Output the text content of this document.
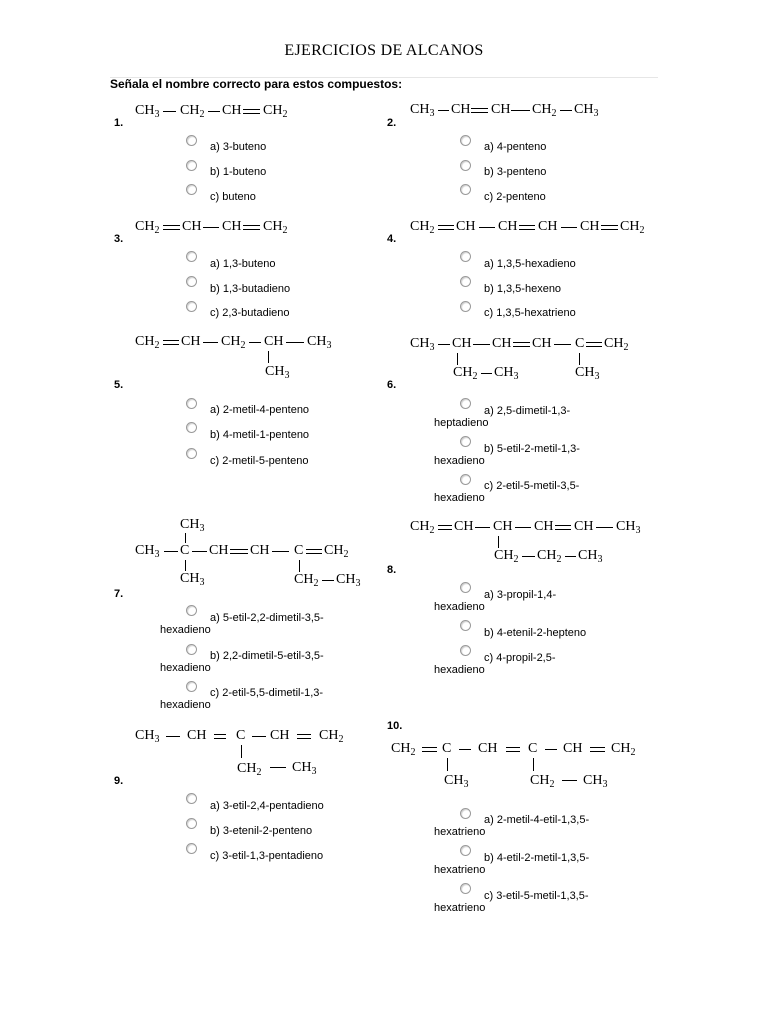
EJERCICIOS DE ALCANOS
Señala el nombre correcto para estos compuestos:
1.
$CH_3$ $CH_2$ CH $CH_2$
a) 3-buteno
b) 1-buteno
c) buteno
2.
$CH_3$ CH CH $CH_2$ $CH_3$
a) 4-penteno
b) 3-penteno
c) 2-penteno
3.
$CH_2$ CH CH $CH_2$
a) 1,3-buteno
b) 1,3-butadieno
c) 2,3-butadieno
4.
$CH_2$ CH CH CH CH $CH_2$
a) 1,3,5-hexadieno
b) 1,3,5-hexeno
c) 1,3,5-hexatrieno
5.
$CH_2$ CH $CH_2$ CH $CH_3$
$CH_3$
a) 2-metil-4-penteno
b) 4-metil-1-penteno
c) 2-metil-5-penteno
6.
$CH_3$ CH CH CH C $CH_2$
$CH_2$ $CH_3$	$CH_3$
a) 2,5-dimetil-1,3-
heptadieno
b) 5-etil-2-metil-1,3-
hexadieno
c) 2-etil-5-metil-3,5-
hexadieno
7.
$CH_3$
$CH_3$ C CH CH C $CH_2$
$CH_3$	$CH_2$ $CH_3$
a) 5-etil-2,2-dimetil-3,5-
hexadieno
b) 2,2-dimetil-5-etil-3,5-
hexadieno
c) 2-etil-5,5-dimetil-1,3-
hexadieno
8.
$CH_2$ CH CH CH CH $CH_3$
$CH_2$ $CH_2$ $CH_3$
a) 3-propil-1,4-
hexadieno
b) 4-etenil-2-hepteno
c) 4-propil-2,5-
hexadieno
9.
$CH_3$ CH C CH $CH_2$
$CH_2$ $CH_3$
a) 3-etil-2,4-pentadieno
b) 3-etenil-2-penteno
c) 3-etil-1,3-pentadieno
10.
$CH_2$ C CH C CH $CH_2$
$CH_3$	$CH_2$ $CH_3$
a) 2-metil-4-etil-1,3,5-
hexatrieno
b) 4-etil-2-metil-1,3,5-
hexatrieno
c) 3-etil-5-metil-1,3,5-
hexatrieno
